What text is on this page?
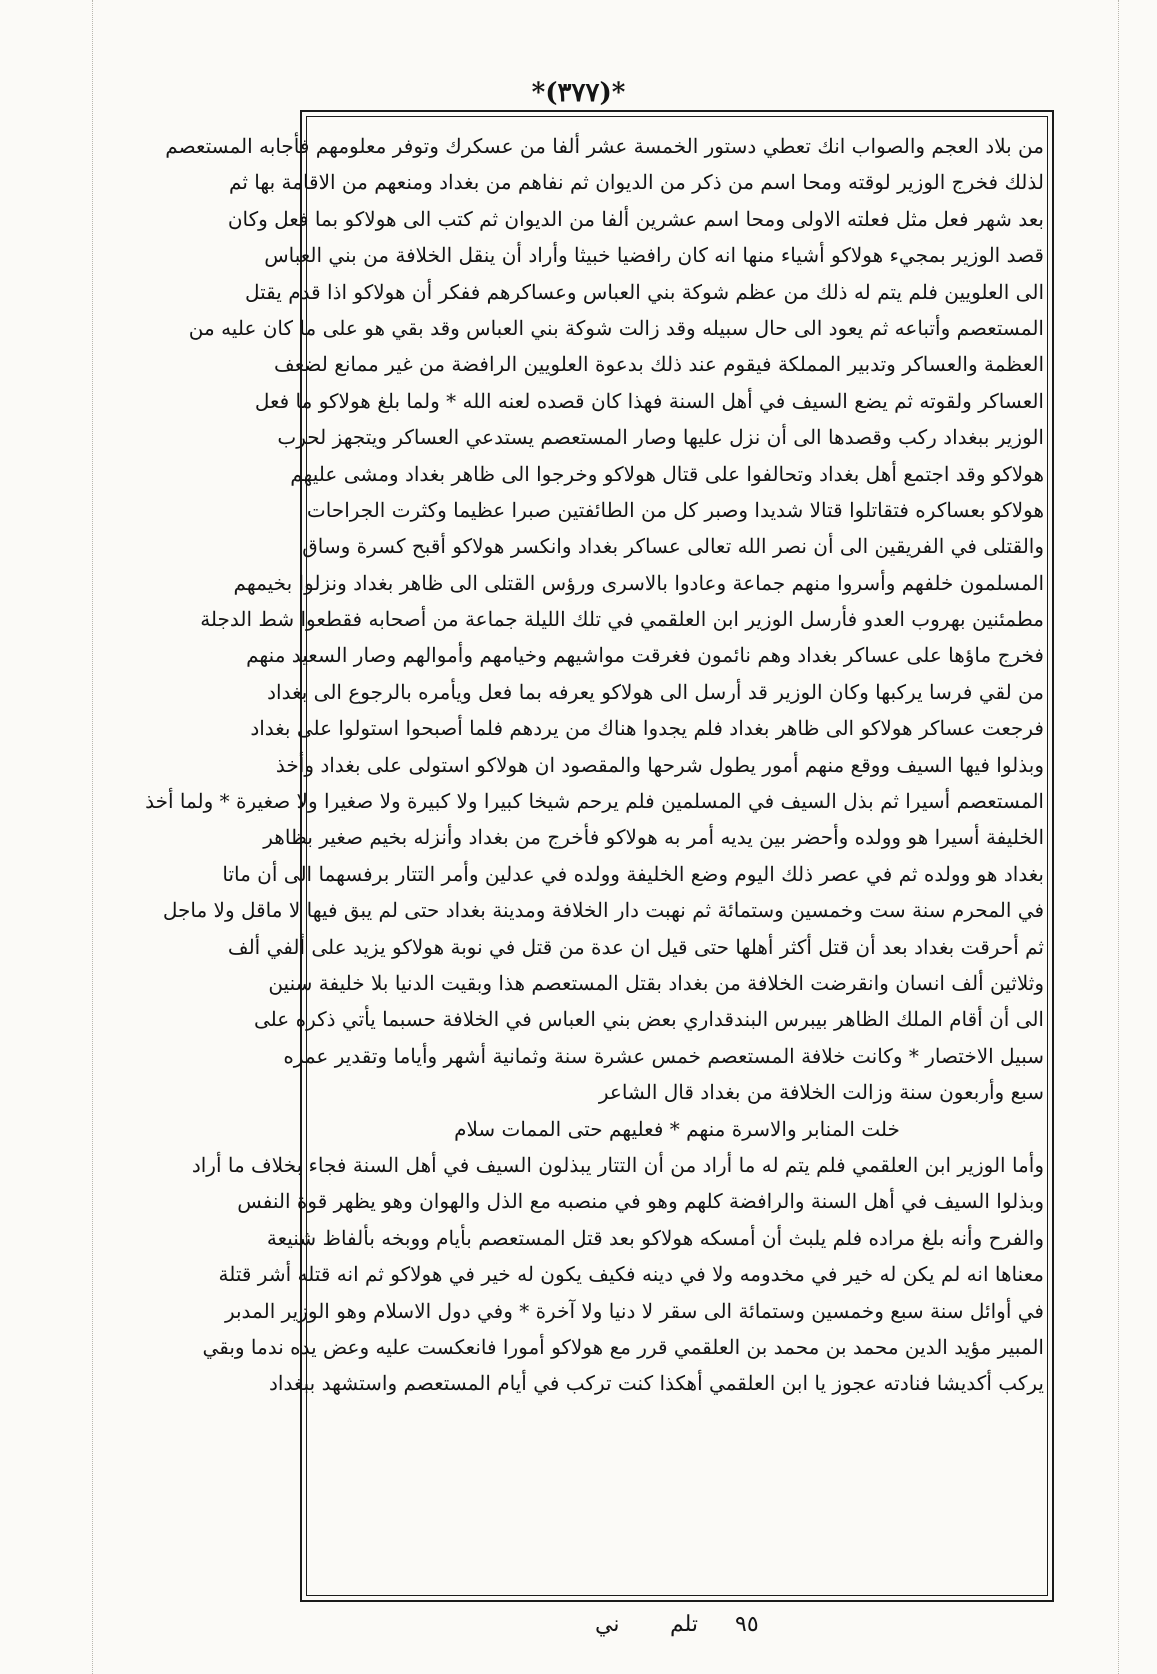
*(٣٧٧)*
من بلاد العجم والصواب انك تعطي دستور الخمسة عشر ألفا من عسكرك وتوفر معلومهم فأجابه المستعصم
لذلك فخرج الوزير لوقته ومحا اسم من ذكر من الديوان ثم نفاهم من بغداد ومنعهم من الاقامة بها ثم
بعد شهر فعل مثل فعلته الاولى ومحا اسم عشرين ألفا من الديوان ثم كتب الى هولاكو بما فعل وكان
قصد الوزير بمجيء هولاكو أشياء منها انه كان رافضيا خبيثا وأراد أن ينقل الخلافة من بني العباس
الى العلويين فلم يتم له ذلك من عظم شوكة بني العباس وعساكرهم ففكر أن هولاكو اذا قدم يقتل
المستعصم وأتباعه ثم يعود الى حال سبيله وقد زالت شوكة بني العباس وقد بقي هو على ما كان عليه من
العظمة والعساكر وتدبير المملكة فيقوم عند ذلك بدعوة العلويين الرافضة من غير ممانع لضعف
العساكر ولقوته ثم يضع السيف في أهل السنة فهذا كان قصده لعنه الله * ولما بلغ هولاكو ما فعل
الوزير ببغداد ركب وقصدها الى أن نزل عليها وصار المستعصم يستدعي العساكر ويتجهز لحرب
هولاكو وقد اجتمع أهل بغداد وتحالفوا على قتال هولاكو وخرجوا الى ظاهر بغداد ومشى عليهم
هولاكو بعساكره فتقاتلوا قتالا شديدا وصبر كل من الطائفتين صبرا عظيما وكثرت الجراحات
والقتلى في الفريقين الى أن نصر الله تعالى عساكر بغداد وانكسر هولاكو أقبح كسرة وساق
المسلمون خلفهم وأسروا منهم جماعة وعادوا بالاسرى ورؤس القتلى الى ظاهر بغداد ونزلوا بخيمهم
مطمئنين بهروب العدو فأرسل الوزير ابن العلقمي في تلك الليلة جماعة من أصحابه فقطعوا شط الدجلة
فخرج ماؤها على عساكر بغداد وهم نائمون فغرقت مواشيهم وخيامهم وأموالهم وصار السعيد منهم
من لقي فرسا يركبها وكان الوزير قد أرسل الى هولاكو يعرفه بما فعل ويأمره بالرجوع الى بغداد
فرجعت عساكر هولاكو الى ظاهر بغداد فلم يجدوا هناك من يردهم فلما أصبحوا استولوا على بغداد
وبذلوا فيها السيف ووقع منهم أمور يطول شرحها والمقصود ان هولاكو استولى على بغداد وأخذ
المستعصم أسيرا ثم بذل السيف في المسلمين فلم يرحم شيخا كبيرا ولا كبيرة ولا صغيرا ولا صغيرة * ولما أخذ
الخليفة أسيرا هو وولده وأحضر بين يديه أمر به هولاكو فأخرج من بغداد وأنزله بخيم صغير بظاهر
بغداد هو وولده ثم في عصر ذلك اليوم وضع الخليفة وولده في عدلين وأمر التتار برفسهما الى أن ماتا
في المحرم سنة ست وخمسين وستمائة ثم نهبت دار الخلافة ومدينة بغداد حتى لم يبق فيها لا ماقل ولا ماجل
ثم أحرقت بغداد بعد أن قتل أكثر أهلها حتى قيل ان عدة من قتل في نوبة هولاكو يزيد على ألفي ألف
وثلاثين ألف انسان وانقرضت الخلافة من بغداد بقتل المستعصم هذا وبقيت الدنيا بلا خليفة سنين
الى أن أقام الملك الظاهر بيبرس البندقداري بعض بني العباس في الخلافة حسبما يأتي ذكره على
سبيل الاختصار * وكانت خلافة المستعصم خمس عشرة سنة وثمانية أشهر وأياما وتقدير عمره
سبع وأربعون سنة وزالت الخلافة من بغداد قال الشاعر
خلت المنابر والاسرة منهم * فعليهم حتى الممات سلام
وأما الوزير ابن العلقمي فلم يتم له ما أراد من أن التتار يبذلون السيف في أهل السنة فجاء بخلاف ما أراد
وبذلوا السيف في أهل السنة والرافضة كلهم وهو في منصبه مع الذل والهوان وهو يظهر قوة النفس
والفرح وأنه بلغ مراده فلم يلبث أن أمسكه هولاكو بعد قتل المستعصم بأيام ووبخه بألفاظ شنيعة
معناها انه لم يكن له خير في مخدومه ولا في دينه فكيف يكون له خير في هولاكو ثم انه قتله أشر قتلة
في أوائل سنة سبع وخمسين وستمائة الى سقر لا دنيا ولا آخرة * وفي دول الاسلام وهو الوزير المدبر
المبير مؤيد الدين محمد بن محمد بن العلقمي قرر مع هولاكو أمورا فانعكست عليه وعض يده ندما وبقي
يركب أكديشا فنادته عجوز يا ابن العلقمي أهكذا كنت تركب في أيام المستعصم واستشهد ببغداد
٩٥
تلم
ني
